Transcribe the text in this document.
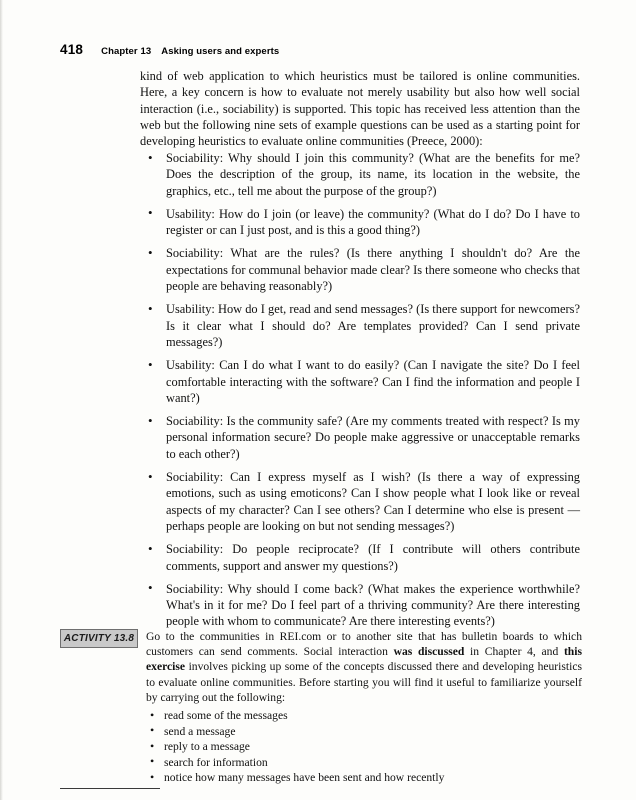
418 Chapter 13 Asking users and experts

kind of web application to which heuristics must be tailored is online communities. Here, a key concern is how to evaluate not merely usability but also how well social interaction (i.e., sociability) is supported. This topic has received less attention than the web but the following nine sets of example questions can be used as a starting point for developing heuristics to evaluate online communities (Preece, 2000):

• Sociability: Why should I join this community? (What are the benefits for me? Does the description of the group, its name, its location in the website, the graphics, etc., tell me about the purpose of the group?)
• Usability: How do I join (or leave) the community? (What do I do? Do I have to register or can I just post, and is this a good thing?)
• Sociability: What are the rules? (Is there anything I shouldn't do? Are the expectations for communal behavior made clear? Is there someone who checks that people are behaving reasonably?)
• Usability: How do I get, read and send messages? (Is there support for newcomers? Is it clear what I should do? Are templates provided? Can I send private messages?)
• Usability: Can I do what I want to do easily? (Can I navigate the site? Do I feel comfortable interacting with the software? Can I find the information and people I want?)
• Sociability: Is the community safe? (Are my comments treated with respect? Is my personal information secure? Do people make aggressive or unacceptable remarks to each other?)
• Sociability: Can I express myself as I wish? (Is there a way of expressing emotions, such as using emoticons? Can I show people what I look like or reveal aspects of my character? Can I see others? Can I determine who else is present — perhaps people are looking on but not sending messages?)
• Sociability: Do people reciprocate? (If I contribute will others contribute comments, support and answer my questions?)
• Sociability: Why should I come back? (What makes the experience worthwhile? What's in it for me? Do I feel part of a thriving community? Are there interesting people with whom to communicate? Are there interesting events?)
ACTIVITY 13.8 Go to the communities in REI.com or to another site that has bulletin boards to which customers can send comments. Social interaction was discussed in Chapter 4, and this exercise involves picking up some of the concepts discussed there and developing heuristics to evaluate online communities. Before starting you will find it useful to familiarize yourself by carrying out the following:
• read some of the messages
• send a message
• reply to a message
• search for information
• notice how many messages have been sent and how recently
